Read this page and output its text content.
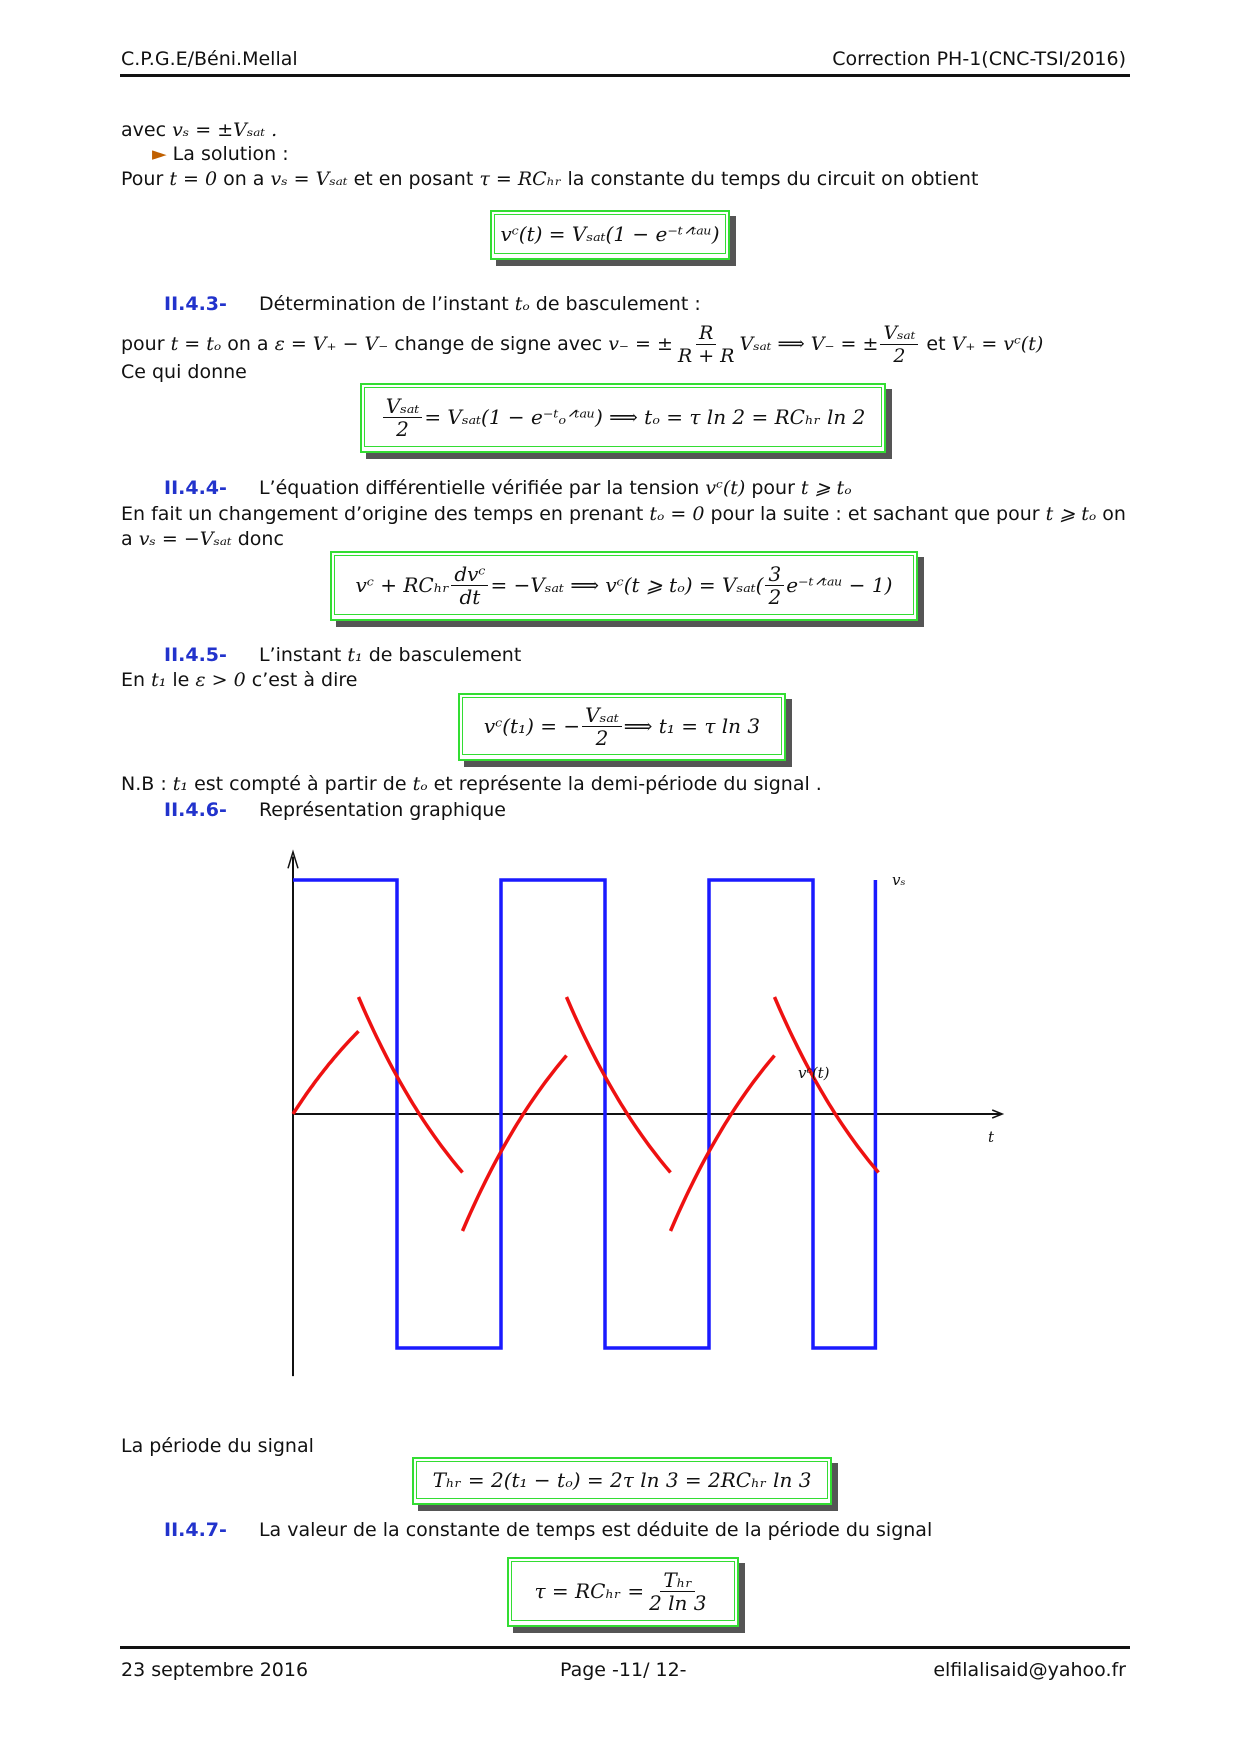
C.P.G.E/Béni.Mellal	Correction PH-1(CNC-TSI/2016)
avec vₛ = ±Vₛₐₜ .
► La solution :
Pour t = 0 on a vₛ = Vₛₐₜ et en posant τ = RCₕᵣ la constante du temps du circuit on obtient
vᶜ(t) = Vₛₐₜ(1 − e⁻ᵗᐟᵗᵃᵘ)
II.4.3- Détermination de l’instant tₒ de basculement :
pour t = tₒ on a ε = V₊ − V₋ change de signe avec v₋ = ± $\frac{R}{R + R}$ Vₛₐₜ ⟹ V₋ = ± $\frac{\text{Vₛₐₜ}}{2}$ et V₊ = vᶜ(t)
Ce qui donne
$\frac{\text{Vₛₐₜ}}{2} = V_{sat}(1$ − e⁻ᵗₒᐟᵗᵃᵘ) ⟹ tₒ = τ ln 2 = RCₕᵣ ln 2
II.4.4- L’équation différentielle vérifiée par la tension vᶜ(t) pour t ⩾ tₒ
En fait un changement d’origine des temps en prenant tₒ = 0 pour la suite : et sachant que pour t ⩾ tₒ on
a vₛ = −Vₛₐₜ donc
vᶜ + RCₕᵣ $\frac{\text{dvᶜ}}{dt} = -V_{sat}$ ⟹ vᶜ(t ⩾ $t_o) = V_{sat}( \frac{3}{2}$ e⁻ᵗᐟᵗᵃᵘ − 1)
II.4.5- L’instant t₁ de basculement
En t₁ le ε > 0 c’est à dire
vᶜ(t₁) = − $\frac{\text{Vₛₐₜ}}{2}$ ⟹ t₁ = τ ln 3
N.B : t₁ est compté à partir de tₒ et représente la demi-période du signal .
II.4.6- Représentation graphique
vₛ
vᶜ(t)
t
La période du signal
Tₕᵣ = 2(t₁ − tₒ) = 2τ ln 3 = 2RCₕᵣ ln 3
II.4.7- La valeur de la constante de temps est déduite de la période du signal
τ = RCₕᵣ = $\frac{\text{Tₕᵣ}}{2 \ln 3}$
23 septembre 2016	Page -11/ 12-	elfilalisaid@yahoo.fr
